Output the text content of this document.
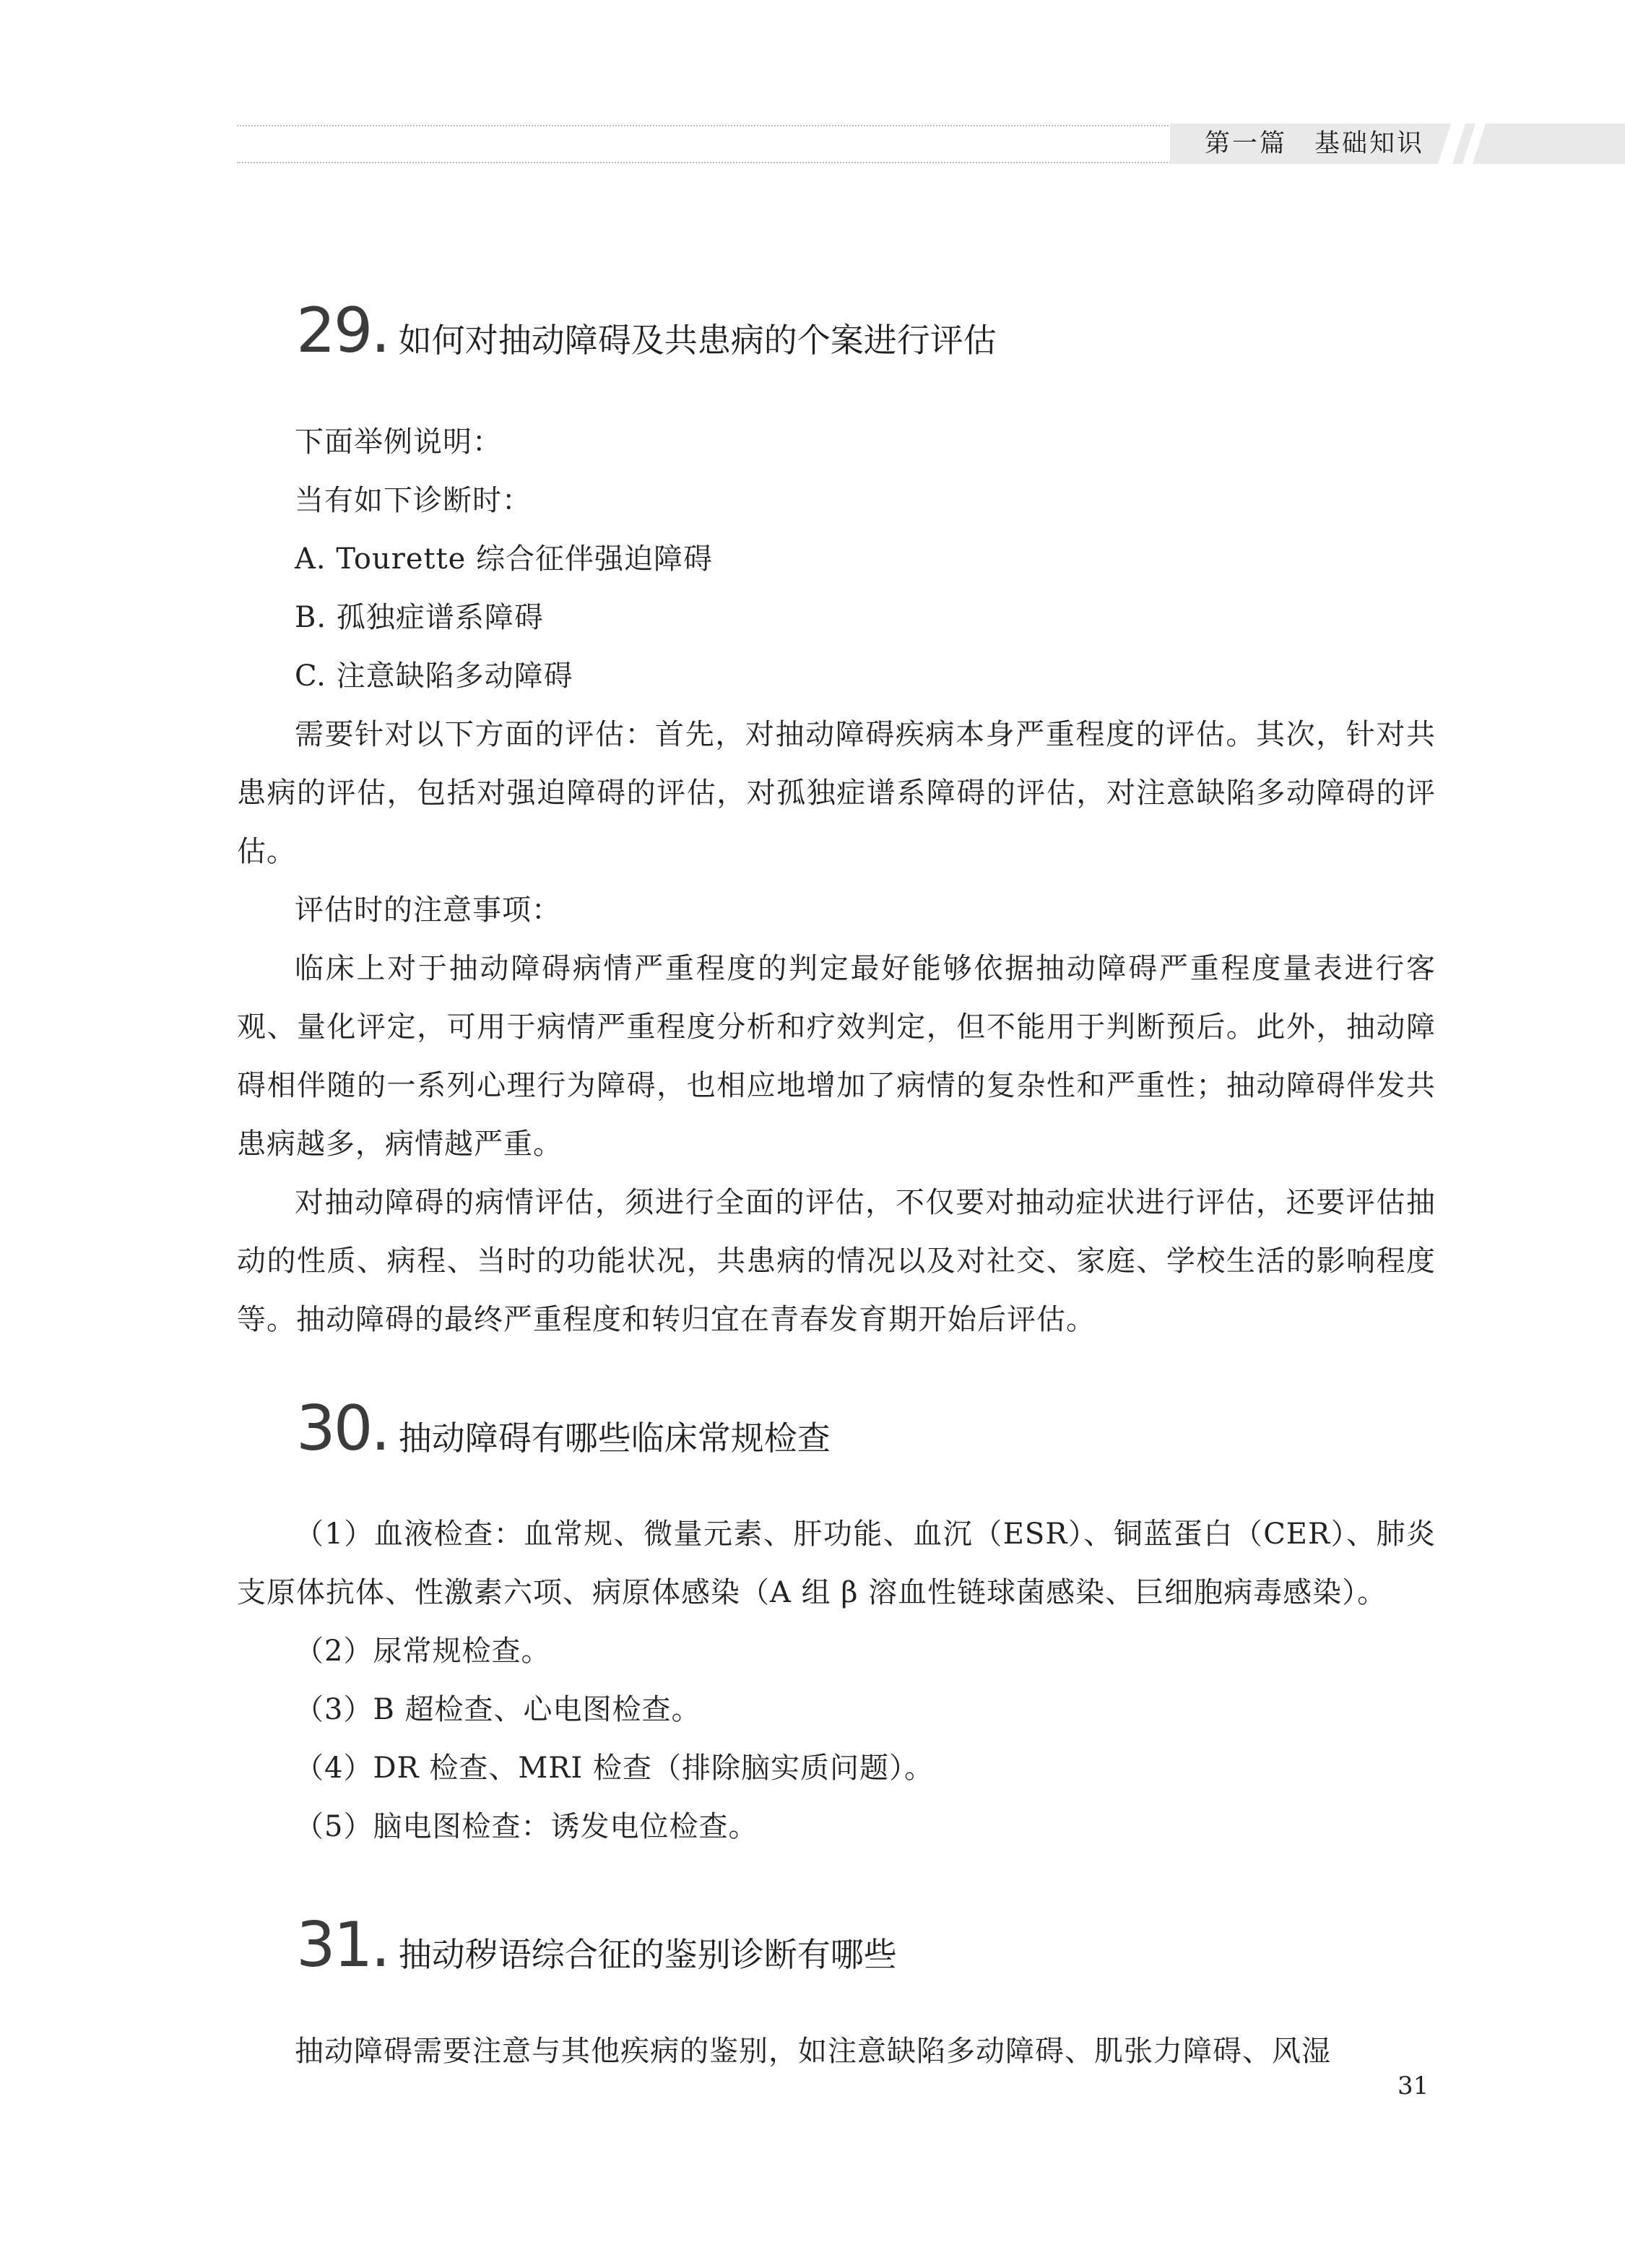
第一篇　基础知识
29. 如何对抽动障碍及共患病的个案进行评估

下面举例说明：

当有如下诊断时：

A. Tourette 综合征伴强迫障碍

B. 孤独症谱系障碍

C. 注意缺陷多动障碍

需要针对以下方面的评估：首先，对抽动障碍疾病本身严重程度的评估。其次，针对共患病的评估，包括对强迫障碍的评估，对孤独症谱系障碍的评估，对注意缺陷多动障碍的评估。

评估时的注意事项：

临床上对于抽动障碍病情严重程度的判定最好能够依据抽动障碍严重程度量表进行客观、量化评定，可用于病情严重程度分析和疗效判定，但不能用于判断预后。此外，抽动障碍相伴随的一系列心理行为障碍，也相应地增加了病情的复杂性和严重性；抽动障碍伴发共患病越多，病情越严重。

对抽动障碍的病情评估，须进行全面的评估，不仅要对抽动症状进行评估，还要评估抽动的性质、病程、当时的功能状况，共患病的情况以及对社交、家庭、学校生活的影响程度等。抽动障碍的最终严重程度和转归宜在青春发育期开始后评估。

30. 抽动障碍有哪些临床常规检查

（1）血液检查：血常规、微量元素、肝功能、血沉（ESR）、铜蓝蛋白（CER）、肺炎支原体抗体、性激素六项、病原体感染（A 组 β 溶血性链球菌感染、巨细胞病毒感染）。

（2）尿常规检查。

（3）B 超检查、心电图检查。

（4）DR 检查、MRI 检查（排除脑实质问题）。

（5）脑电图检查：诱发电位检查。

31. 抽动秽语综合征的鉴别诊断有哪些

抽动障碍需要注意与其他疾病的鉴别，如注意缺陷多动障碍、肌张力障碍、风湿

31
